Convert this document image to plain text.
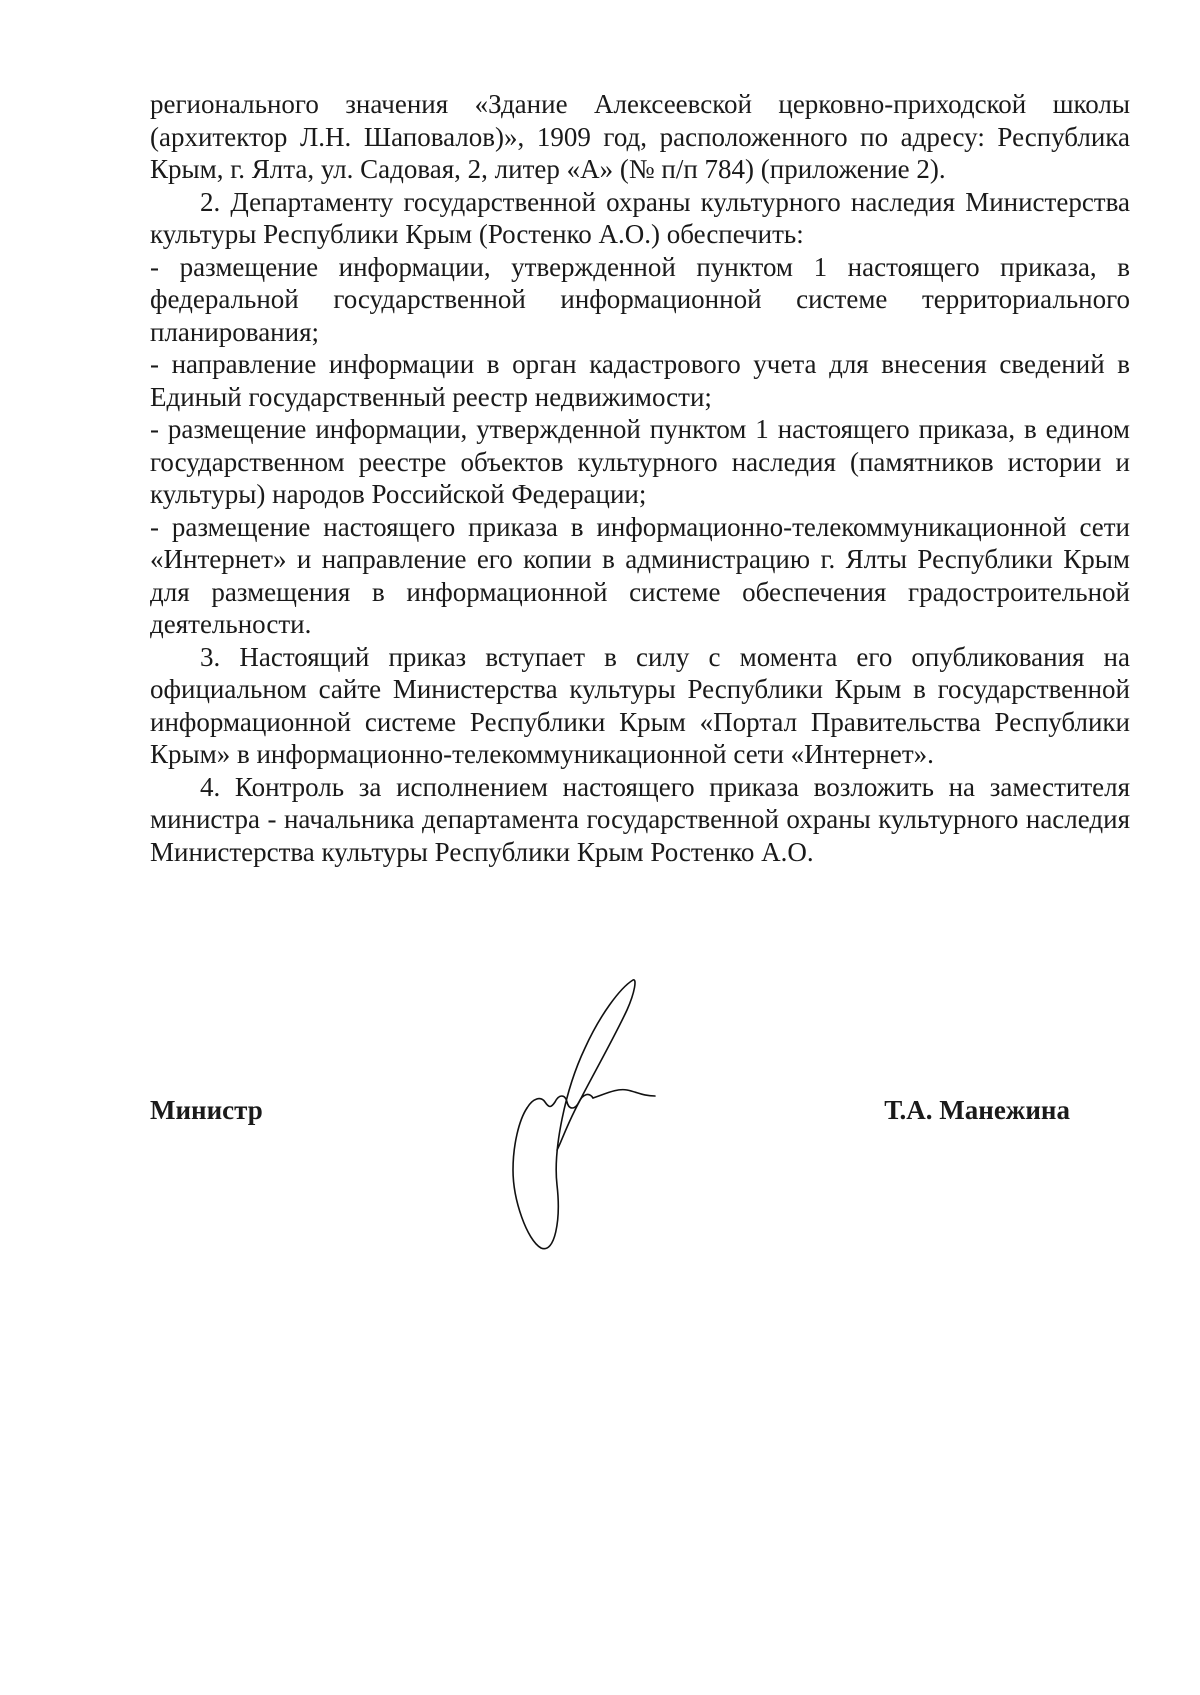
регионального значения «Здание Алексеевской церковно-приходской школы (архитектор Л.Н. Шаповалов)», 1909 год, расположенного по адресу: Республика Крым, г. Ялта, ул. Садовая, 2, литер «А» (№ п/п 784) (приложение 2).

2. Департаменту государственной охраны культурного наследия Министерства культуры Республики Крым (Ростенко А.О.) обеспечить:

- размещение информации, утвержденной пунктом 1 настоящего приказа, в федеральной государственной информационной системе территориального планирования;

- направление информации в орган кадастрового учета для внесения сведений в Единый государственный реестр недвижимости;

- размещение информации, утвержденной пунктом 1 настоящего приказа, в едином государственном реестре объектов культурного наследия (памятников истории и культуры) народов Российской Федерации;

- размещение настоящего приказа в информационно-телекоммуникационной сети «Интернет» и направление его копии в администрацию г. Ялты Республики Крым для размещения в информационной системе обеспечения градостроительной деятельности.

3. Настоящий приказ вступает в силу с момента его опубликования на официальном сайте Министерства культуры Республики Крым в государственной информационной системе Республики Крым «Портал Правительства Республики Крым» в информационно-телекоммуникационной сети «Интернет».

4. Контроль за исполнением настоящего приказа возложить на заместителя министра - начальника департамента государственной охраны культурного наследия Министерства культуры Республики Крым Ростенко А.О.

Министр	Т.А. Манежина
